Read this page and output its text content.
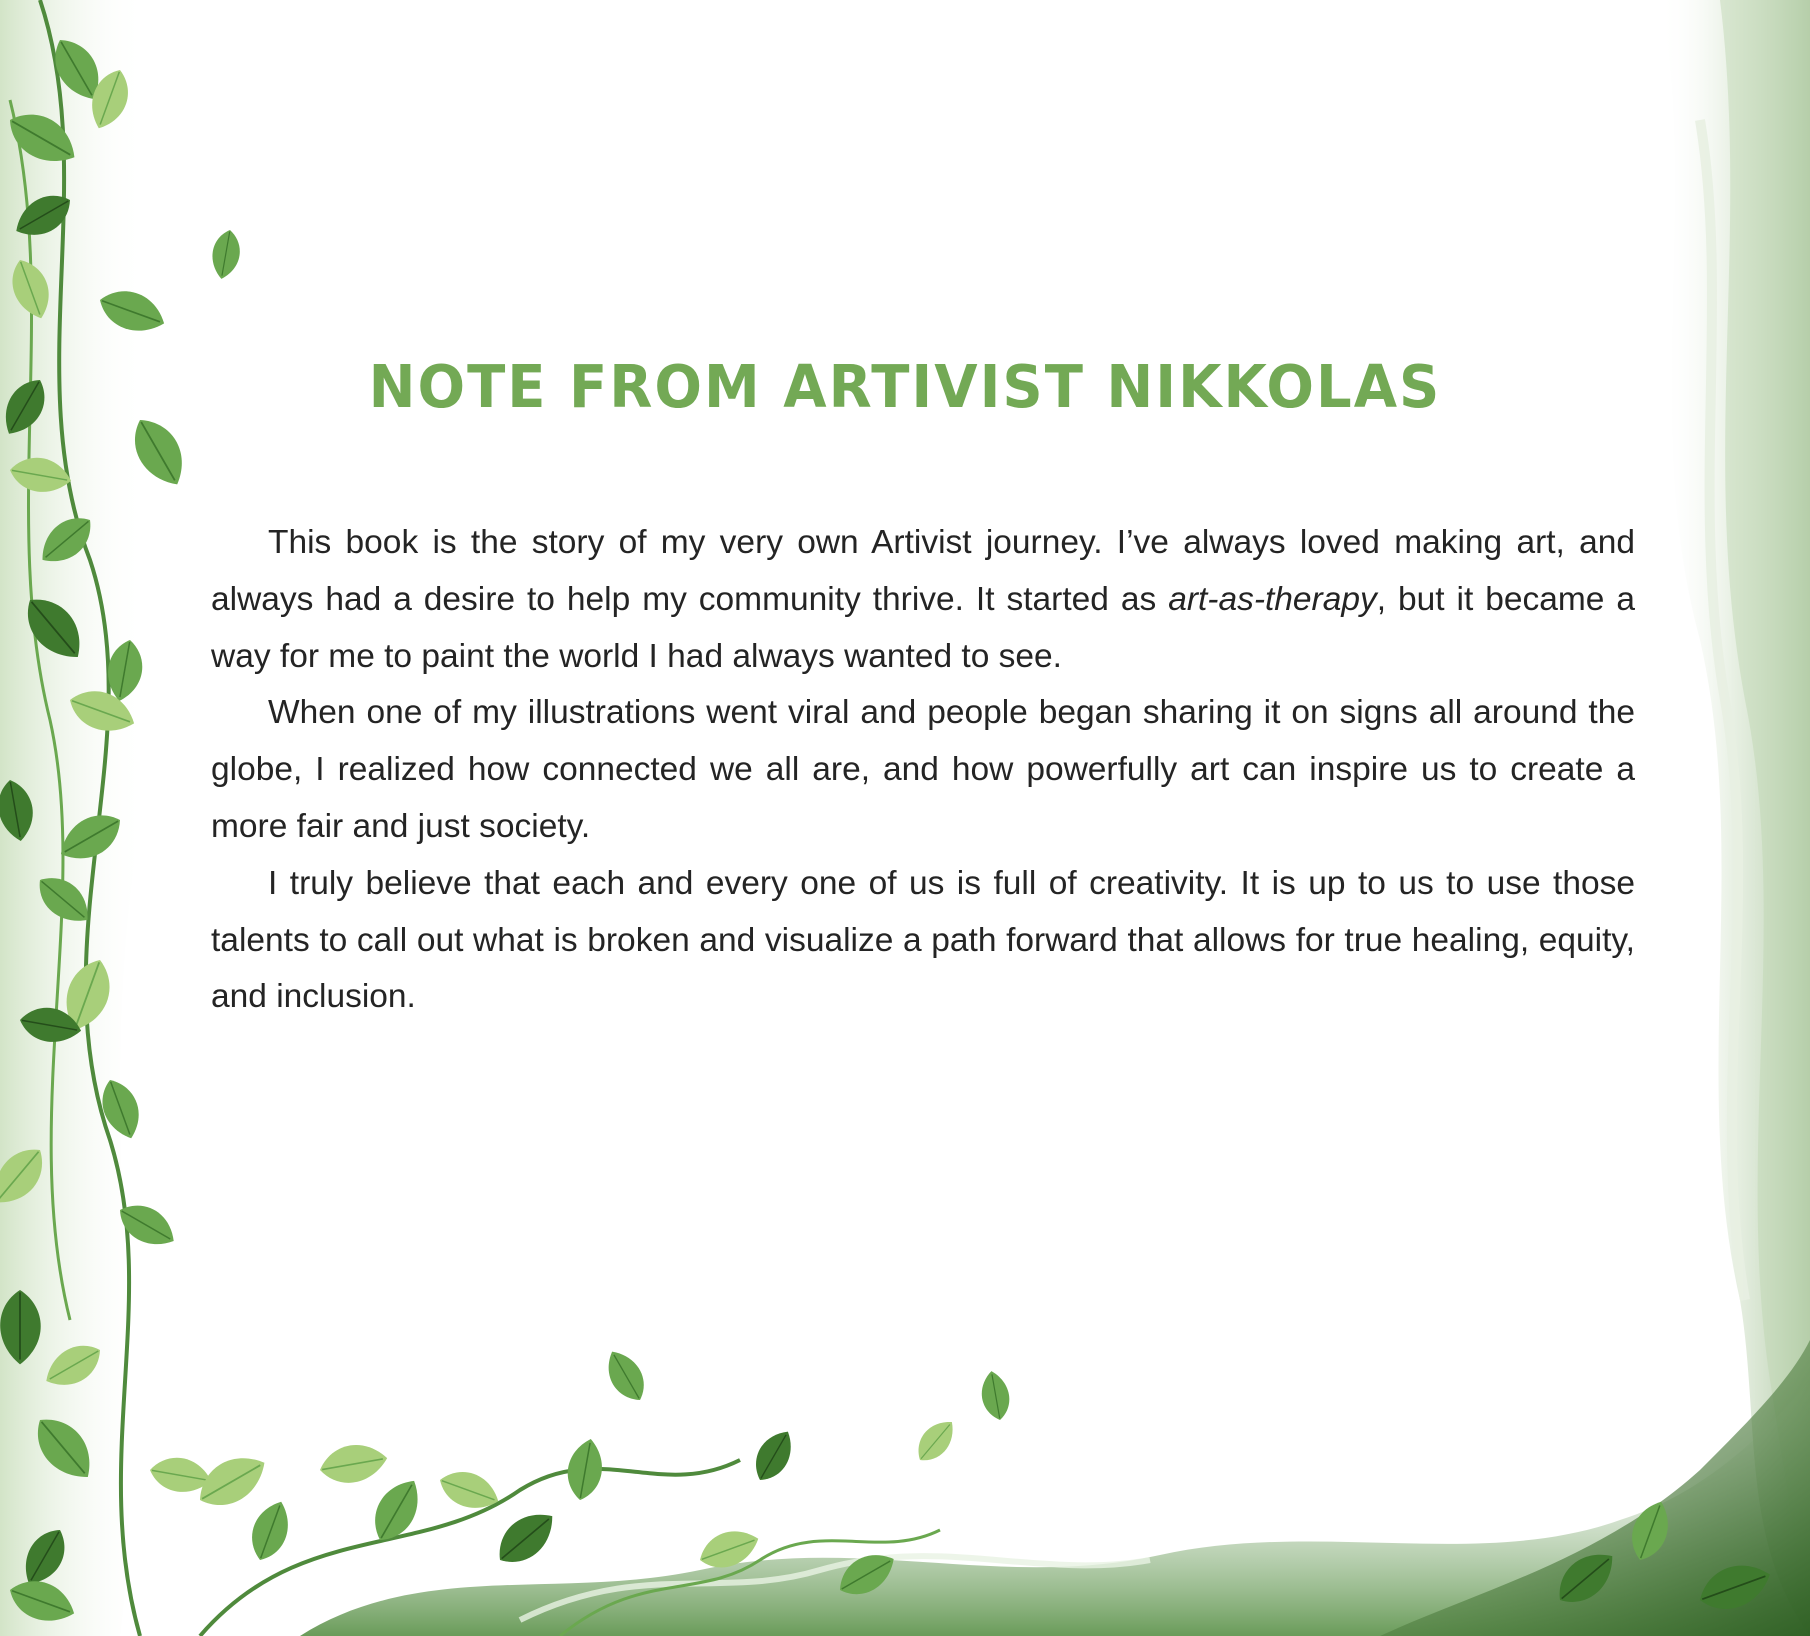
NOTE FROM ARTIVIST NIKKOLAS

This book is the story of my very own Artivist journey. I’ve always loved making art, and always had a desire to help my community thrive. It started as art-as-therapy, but it became a way for me to paint the world I had always wanted to see.

When one of my illustrations went viral and people began sharing it on signs all around the globe, I realized how connected we all are, and how powerfully art can inspire us to create a more fair and just society.

I truly believe that each and every one of us is full of creativity. It is up to us to use those talents to call out what is broken and visualize a path forward that allows for true healing, equity, and inclusion.
